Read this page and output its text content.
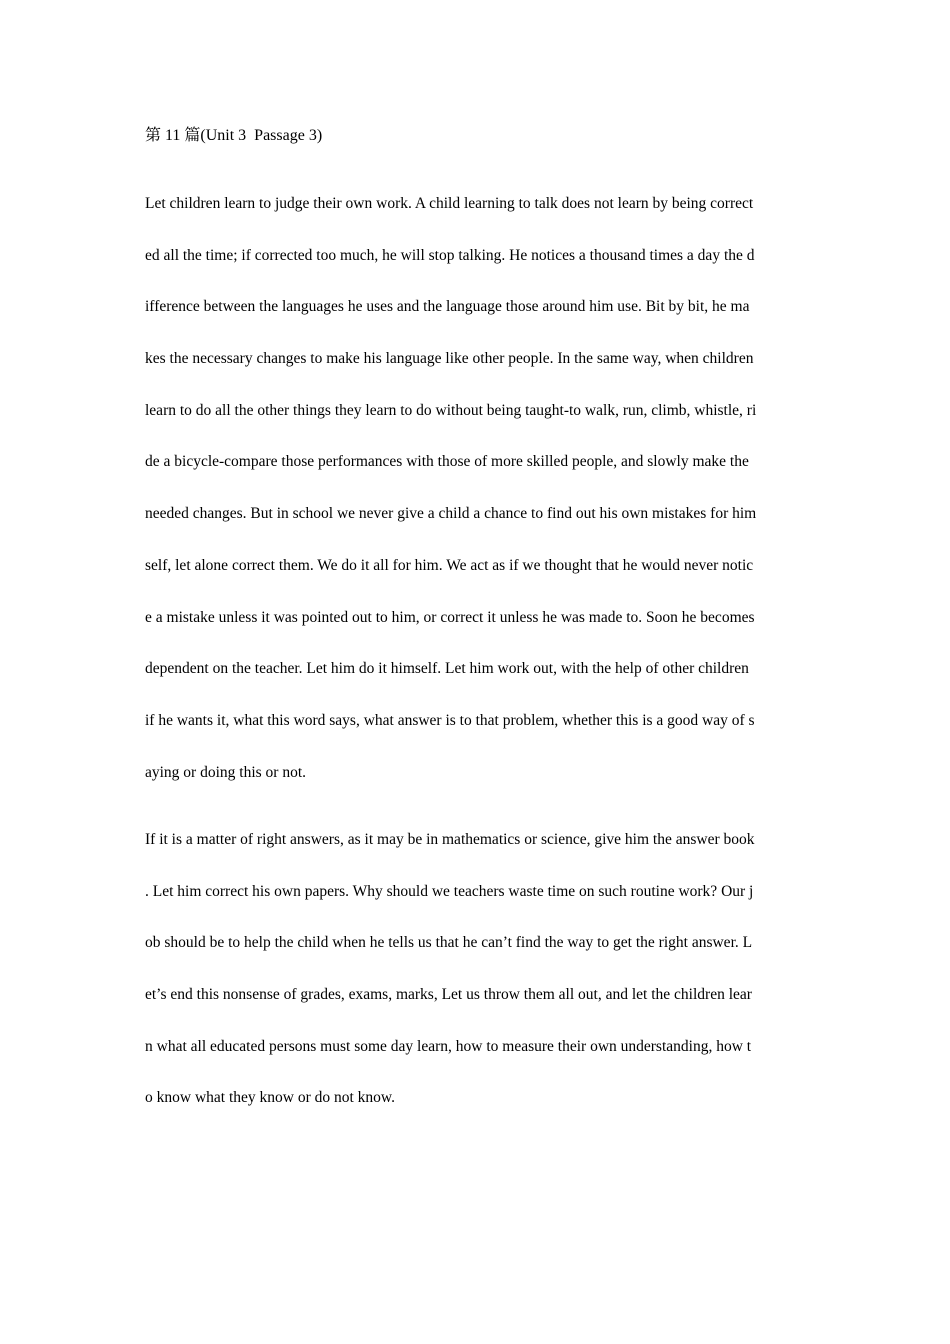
第 11 篇(Unit 3  Passage 3)
Let children learn to judge their own work. A child learning to talk does not learn by being correct
ed all the time; if corrected too much, he will stop talking. He notices a thousand times a day the d
ifference between the languages he uses and the language those around him use. Bit by bit, he ma
kes the necessary changes to make his language like other people. In the same way, when children
learn to do all the other things they learn to do without being taught-to walk, run, climb, whistle, ri
de a bicycle-compare those performances with those of more skilled people, and slowly make the
needed changes. But in school we never give a child a chance to find out his own mistakes for him
self, let alone correct them. We do it all for him. We act as if we thought that he would never notic
e a mistake unless it was pointed out to him, or correct it unless he was made to. Soon he becomes
dependent on the teacher. Let him do it himself. Let him work out, with the help of other children
if he wants it, what this word says, what answer is to that problem, whether this is a good way of s
aying or doing this or not.
If it is a matter of right answers, as it may be in mathematics or science, give him the answer book
. Let him correct his own papers. Why should we teachers waste time on such routine work? Our j
ob should be to help the child when he tells us that he can’t find the way to get the right answer. L
et’s end this nonsense of grades, exams, marks, Let us throw them all out, and let the children lear
n what all educated persons must some day learn, how to measure their own understanding, how t
o know what they know or do not know.
